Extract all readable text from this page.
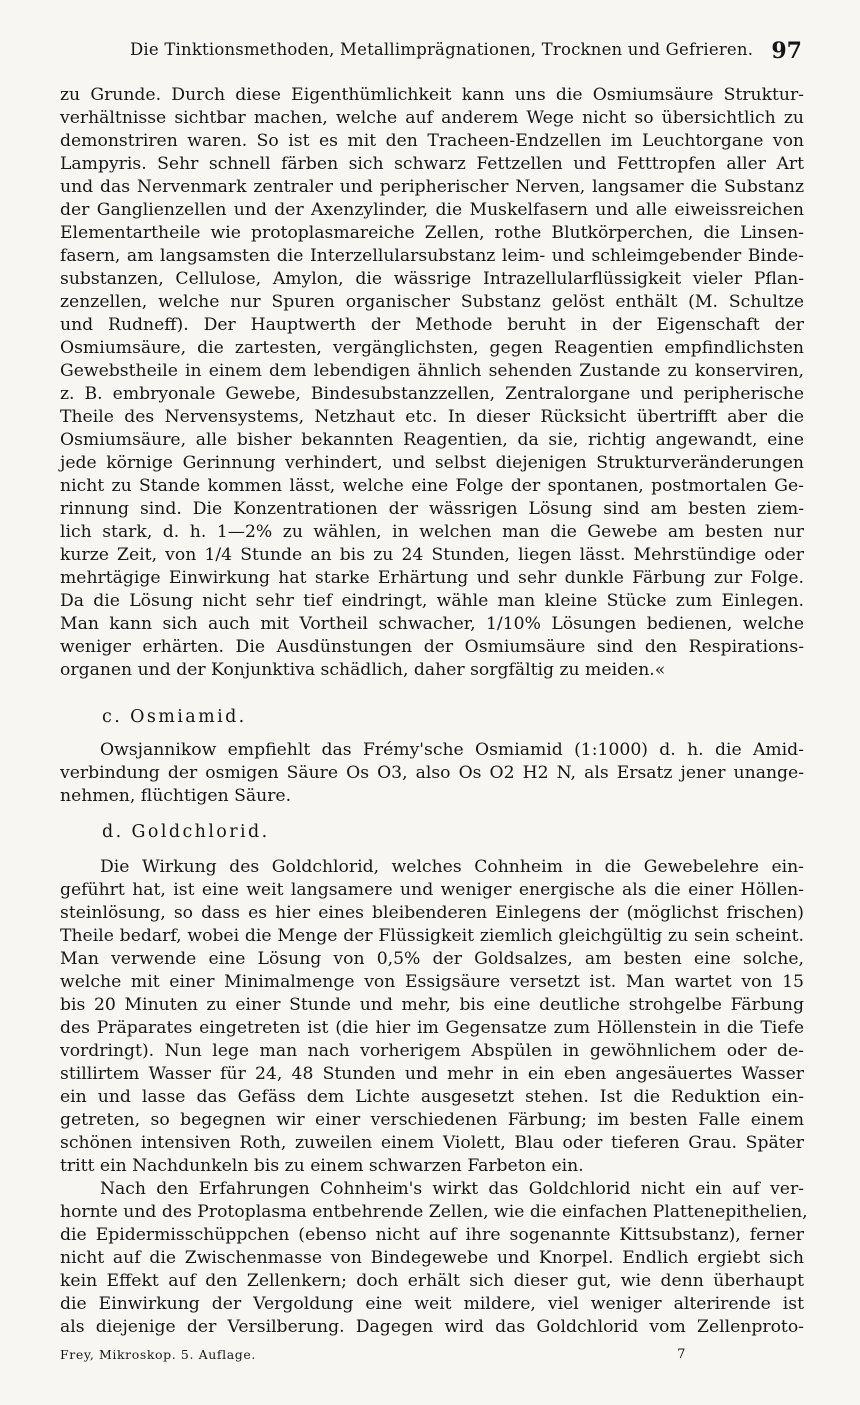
Die Tinktionsmethoden, Metallimprägnationen, Trocknen und Gefrieren. 97
zu Grunde. Durch diese Eigenthümlichkeit kann uns die Osmiumsäure Struktur-
verhältnisse sichtbar machen, welche auf anderem Wege nicht so übersichtlich zu
demonstriren waren. So ist es mit den Tracheen-Endzellen im Leuchtorgane von
Lampyris. Sehr schnell färben sich schwarz Fettzellen und Fetttropfen aller Art
und das Nervenmark zentraler und peripherischer Nerven, langsamer die Substanz
der Ganglienzellen und der Axenzylinder, die Muskelfasern und alle eiweissreichen
Elementartheile wie protoplasmareiche Zellen, rothe Blutkörperchen, die Linsen-
fasern, am langsamsten die Interzellularsubstanz leim- und schleimgebender Binde-
substanzen, Cellulose, Amylon, die wässrige Intrazellularflüssigkeit vieler Pflan-
zenzellen, welche nur Spuren organischer Substanz gelöst enthält (M. Schultze
und Rudneff). Der Hauptwerth der Methode beruht in der Eigenschaft der
Osmiumsäure, die zartesten, vergänglichsten, gegen Reagentien empfindlichsten
Gewebstheile in einem dem lebendigen ähnlich sehenden Zustande zu konserviren,
z. B. embryonale Gewebe, Bindesubstanzzellen, Zentralorgane und peripherische
Theile des Nervensystems, Netzhaut etc. In dieser Rücksicht übertrifft aber die
Osmiumsäure, alle bisher bekannten Reagentien, da sie, richtig angewandt, eine
jede körnige Gerinnung verhindert, und selbst diejenigen Strukturveränderungen
nicht zu Stande kommen lässt, welche eine Folge der spontanen, postmortalen Ge-
rinnung sind. Die Konzentrationen der wässrigen Lösung sind am besten ziem-
lich stark, d. h. 1—2% zu wählen, in welchen man die Gewebe am besten nur
kurze Zeit, von 1/4 Stunde an bis zu 24 Stunden, liegen lässt. Mehrstündige oder
mehrtägige Einwirkung hat starke Erhärtung und sehr dunkle Färbung zur Folge.
Da die Lösung nicht sehr tief eindringt, wähle man kleine Stücke zum Einlegen.
Man kann sich auch mit Vortheil schwacher, 1/10% Lösungen bedienen, welche
weniger erhärten. Die Ausdünstungen der Osmiumsäure sind den Respirations-
organen und der Konjunktiva schädlich, daher sorgfältig zu meiden.«
c. Osmiamid.
Owsjannikow empfiehlt das Frémy'sche Osmiamid (1:1000) d. h. die Amid-
verbindung der osmigen Säure Os O3, also Os O2 H2 N, als Ersatz jener unange-
nehmen, flüchtigen Säure.
d. Goldchlorid.
Die Wirkung des Goldchlorid, welches Cohnheim in die Gewebelehre ein-
geführt hat, ist eine weit langsamere und weniger energische als die einer Höllen-
steinlösung, so dass es hier eines bleibenderen Einlegens der (möglichst frischen)
Theile bedarf, wobei die Menge der Flüssigkeit ziemlich gleichgültig zu sein scheint.
Man verwende eine Lösung von 0,5% der Goldsalzes, am besten eine solche,
welche mit einer Minimalmenge von Essigsäure versetzt ist. Man wartet von 15
bis 20 Minuten zu einer Stunde und mehr, bis eine deutliche strohgelbe Färbung
des Präparates eingetreten ist (die hier im Gegensatze zum Höllenstein in die Tiefe
vordringt). Nun lege man nach vorherigem Abspülen in gewöhnlichem oder de-
stillirtem Wasser für 24, 48 Stunden und mehr in ein eben angesäuertes Wasser
ein und lasse das Gefäss dem Lichte ausgesetzt stehen. Ist die Reduktion ein-
getreten, so begegnen wir einer verschiedenen Färbung; im besten Falle einem
schönen intensiven Roth, zuweilen einem Violett, Blau oder tieferen Grau. Später
tritt ein Nachdunkeln bis zu einem schwarzen Farbeton ein.
Nach den Erfahrungen Cohnheim's wirkt das Goldchlorid nicht ein auf ver-
hornte und des Protoplasma entbehrende Zellen, wie die einfachen Plattenepithelien,
die Epidermisschüppchen (ebenso nicht auf ihre sogenannte Kittsubstanz), ferner
nicht auf die Zwischenmasse von Bindegewebe und Knorpel. Endlich ergiebt sich
kein Effekt auf den Zellenkern; doch erhält sich dieser gut, wie denn überhaupt
die Einwirkung der Vergoldung eine weit mildere, viel weniger alterirende ist
als diejenige der Versilberung. Dagegen wird das Goldchlorid vom Zellenproto-
Frey, Mikroskop. 5. Auflage.	7
